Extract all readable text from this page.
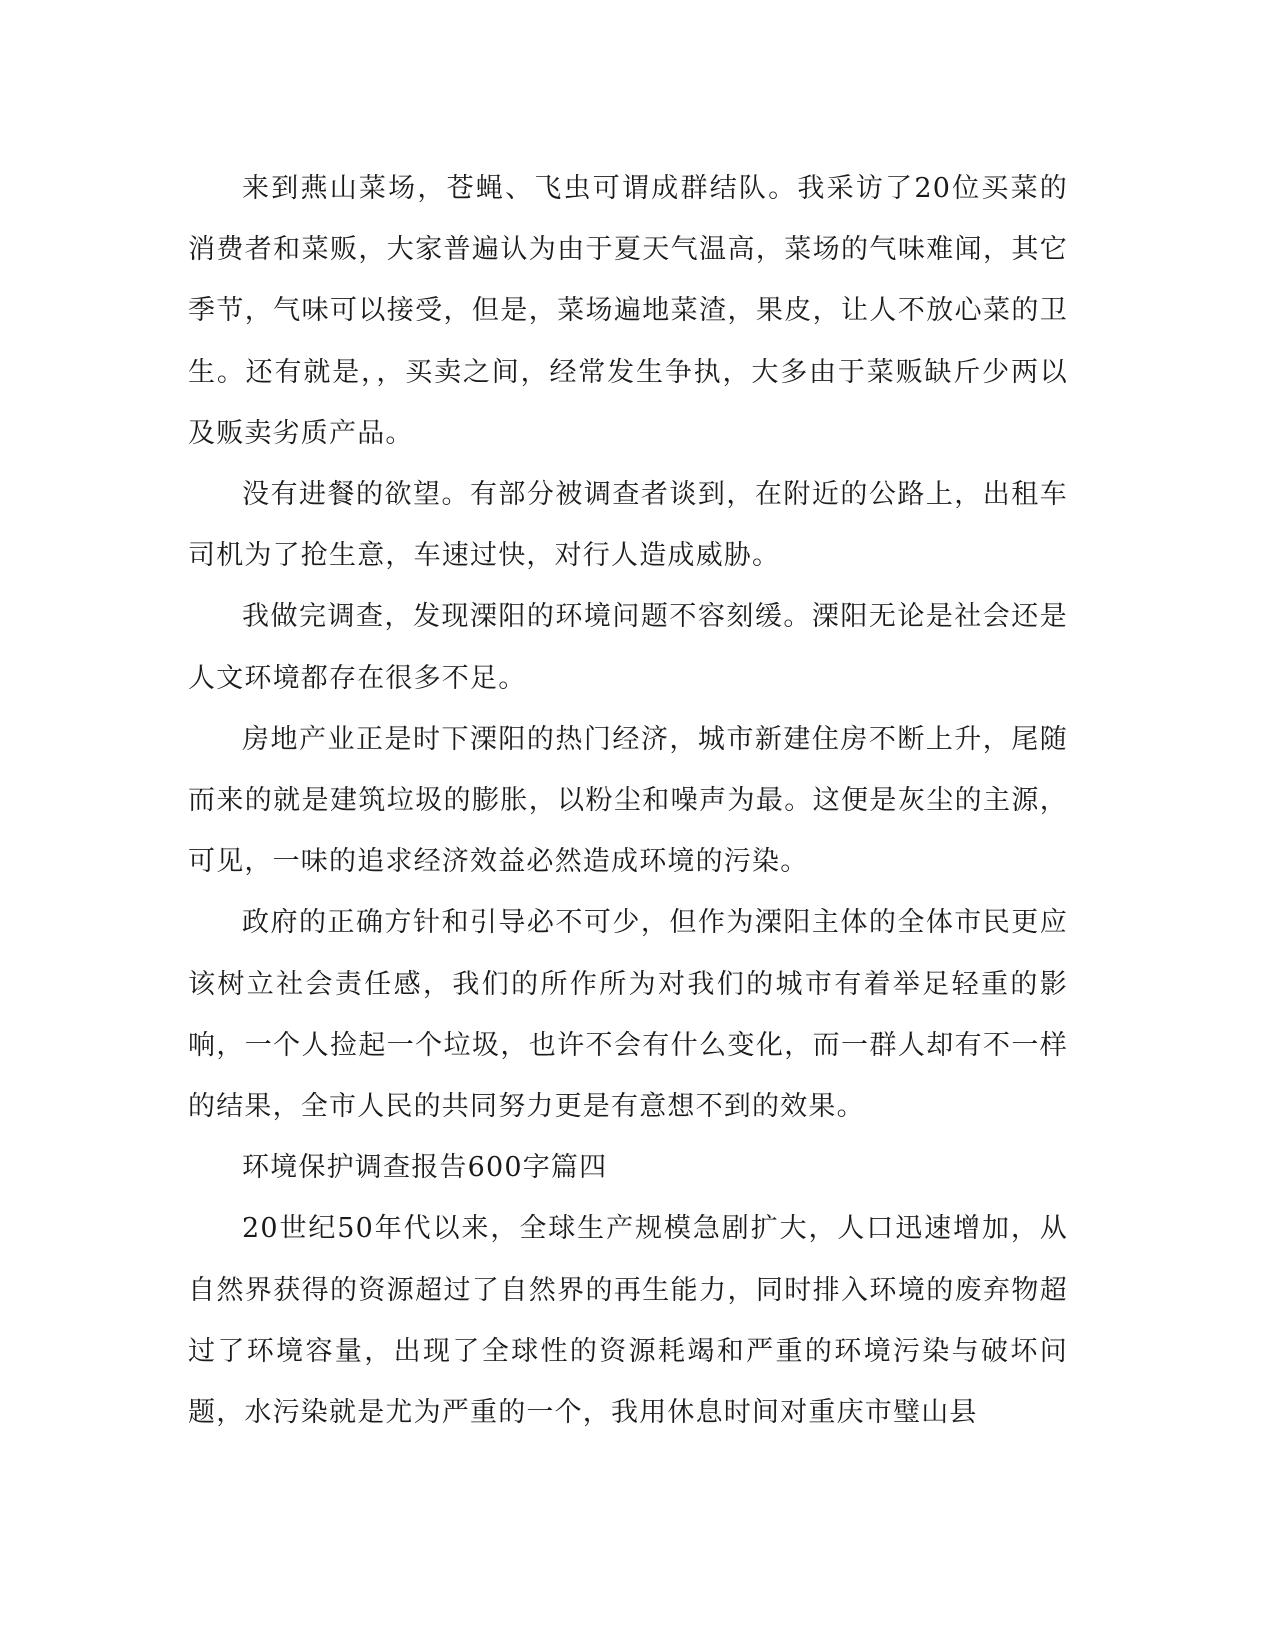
来到燕山菜场，苍蝇、飞虫可谓成群结队。我采访了20位买菜的消费者和菜贩，大家普遍认为由于夏天气温高，菜场的气味难闻，其它季节，气味可以接受，但是，菜场遍地菜渣，果皮，让人不放心菜的卫生。还有就是，，买卖之间，经常发生争执，大多由于菜贩缺斤少两以及贩卖劣质产品。

没有进餐的欲望。有部分被调查者谈到，在附近的公路上，出租车司机为了抢生意，车速过快，对行人造成威胁。

我做完调查，发现溧阳的环境问题不容刻缓。溧阳无论是社会还是人文环境都存在很多不足。

房地产业正是时下溧阳的热门经济，城市新建住房不断上升，尾随而来的就是建筑垃圾的膨胀，以粉尘和噪声为最。这便是灰尘的主源，可见，一味的追求经济效益必然造成环境的污染。

政府的正确方针和引导必不可少，但作为溧阳主体的全体市民更应该树立社会责任感，我们的所作所为对我们的城市有着举足轻重的影响，一个人捡起一个垃圾，也许不会有什么变化，而一群人却有不一样的结果，全市人民的共同努力更是有意想不到的效果。

环境保护调查报告600字篇四

20世纪50年代以来，全球生产规模急剧扩大，人口迅速增加，从自然界获得的资源超过了自然界的再生能力，同时排入环境的废弃物超过了环境容量，出现了全球性的资源耗竭和严重的环境污染与破坏问题，水污染就是尤为严重的一个，我用休息时间对重庆市璧山县
